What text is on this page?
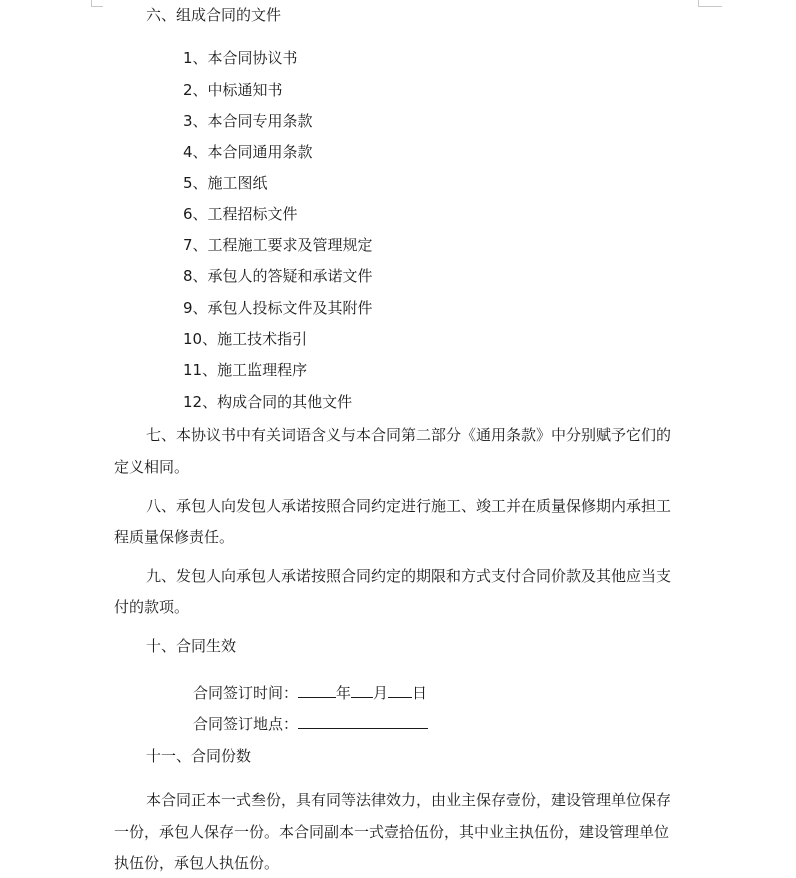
六、组成合同的文件
1、本合同协议书
2、中标通知书
3、本合同专用条款
4、本合同通用条款
5、施工图纸
6、工程招标文件
7、工程施工要求及管理规定
8、承包人的答疑和承诺文件
9、承包人投标文件及其附件
10、施工技术指引
11、施工监理程序
12、构成合同的其他文件
七、本协议书中有关词语含义与本合同第二部分《通用条款》中分别赋予它们的
定义相同。
八、承包人向发包人承诺按照合同约定进行施工、竣工并在质量保修期内承担工
程质量保修责任。
九、发包人向承包人承诺按照合同约定的期限和方式支付合同价款及其他应当支
付的款项。
十、合同生效
合同签订时间：	年 月 日
合同签订地点：
十一、合同份数
本合同正本一式叁份，具有同等法律效力，由业主保存壹份，建设管理单位保存
一份，承包人保存一份。本合同副本一式壹拾伍份，其中业主执伍份，建设管理单位
执伍份，承包人执伍份。
